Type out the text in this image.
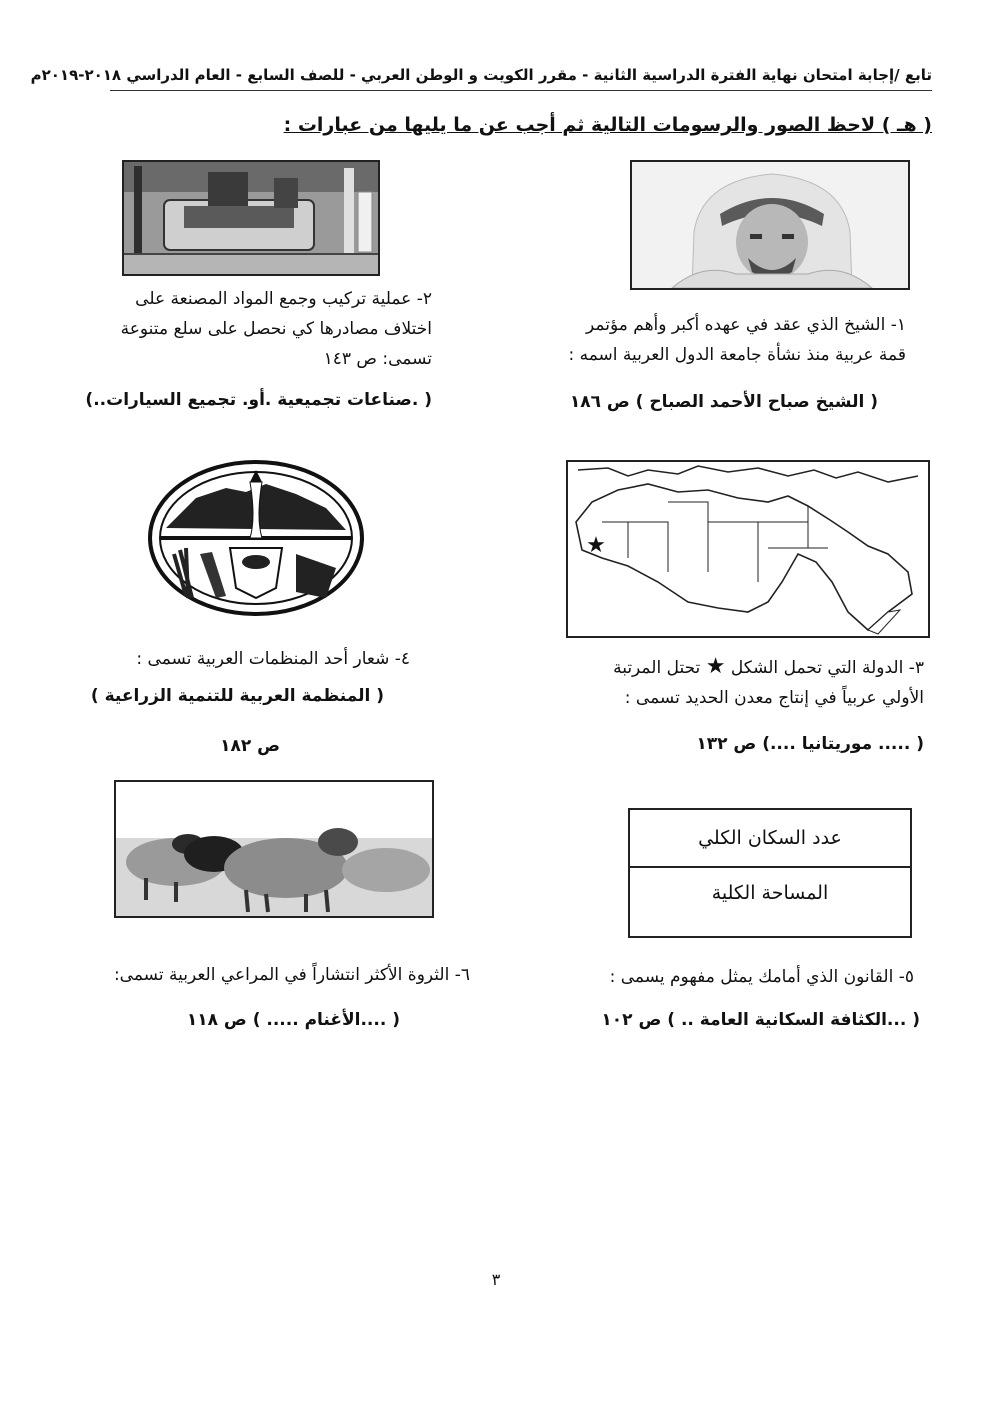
تابع /إجابة امتحان نهاية الفترة الدراسية الثانية - مقرر الكويت و الوطن العربي - للصف السابع - العام الدراسي ٢٠١٨-٢٠١٩م
( هـ ) لاحظ الصور والرسومات التالية ثم أجب عن ما يليها من عبارات :
١- الشيخ الذي عقد في عهده أكبر وأهم مؤتمر
قمة عربية منذ نشأة جامعة الدول العربية اسمه :
( الشيخ صباح الأحمد الصباح ) ص ١٨٦
٢- عملية تركيب وجمع المواد المصنعة على
اختلاف مصادرها كي نحصل على سلع متنوعة
تسمى: ص ١٤٣
( .صناعات تجميعية .أو. تجميع السيارات..)
★
٣- الدولة التي تحمل الشكل ★ تحتل المرتبة
الأولي عربياً في إنتاج معدن الحديد تسمى :
( ..... موريتانيا ....) ص ١٣٢
٤- شعار أحد المنظمات العربية تسمى :
( المنظمة العربية للتنمية الزراعية )
ص ١٨٢
عدد السكان الكلي
المساحة الكلية
٥- القانون الذي أمامك يمثل مفهوم يسمى :
( ...الكثافة السكانية العامة .. ) ص ١٠٢
٦- الثروة الأكثر انتشاراً في المراعي العربية تسمى:
( ....الأغنام ..... ) ص ١١٨
٣
